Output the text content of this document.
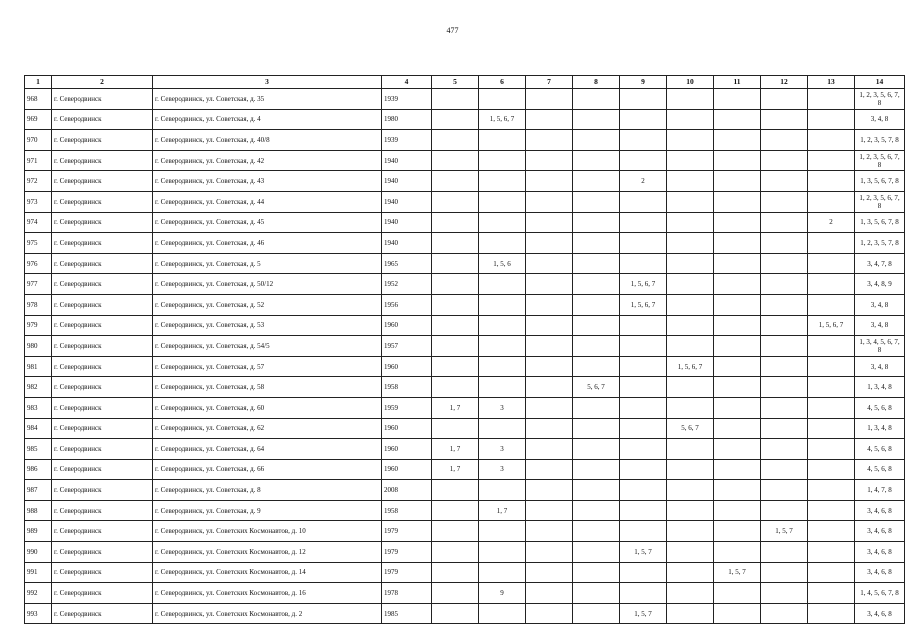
477
1	2	3	4	5	6	7	8	9	10	11	12	13	14
968	г. Северодвинск	г. Северодвинск, ул. Советская, д. 35	1939										1, 2, 3, 5, 6, 7, 8
969	г. Северодвинск	г. Северодвинск, ул. Советская, д. 4	1980		1, 5, 6, 7								3, 4, 8
970	г. Северодвинск	г. Северодвинск, ул. Советская, д. 40/8	1939										1, 2, 3, 5, 7, 8
971	г. Северодвинск	г. Северодвинск, ул. Советская, д. 42	1940										1, 2, 3, 5, 6, 7, 8
972	г. Северодвинск	г. Северодвинск, ул. Советская, д. 43	1940					2					1, 3, 5, 6, 7, 8
973	г. Северодвинск	г. Северодвинск, ул. Советская, д. 44	1940										1, 2, 3, 5, 6, 7, 8
974	г. Северодвинск	г. Северодвинск, ул. Советская, д. 45	1940									2	1, 3, 5, 6, 7, 8
975	г. Северодвинск	г. Северодвинск, ул. Советская, д. 46	1940										1, 2, 3, 5, 7, 8
976	г. Северодвинск	г. Северодвинск, ул. Советская, д. 5	1965		1, 5, 6								3, 4, 7, 8
977	г. Северодвинск	г. Северодвинск, ул. Советская, д. 50/12	1952					1, 5, 6, 7					3, 4, 8, 9
978	г. Северодвинск	г. Северодвинск, ул. Советская, д. 52	1956					1, 5, 6, 7					3, 4, 8
979	г. Северодвинск	г. Северодвинск, ул. Советская, д. 53	1960									1, 5, 6, 7	3, 4, 8
980	г. Северодвинск	г. Северодвинск, ул. Советская, д. 54/5	1957										1, 3, 4, 5, 6, 7, 8
981	г. Северодвинск	г. Северодвинск, ул. Советская, д. 57	1960						1, 5, 6, 7				3, 4, 8
982	г. Северодвинск	г. Северодвинск, ул. Советская, д. 58	1958				5, 6, 7						1, 3, 4, 8
983	г. Северодвинск	г. Северодвинск, ул. Советская, д. 60	1959	1, 7	3								4, 5, 6, 8
984	г. Северодвинск	г. Северодвинск, ул. Советская, д. 62	1960						5, 6, 7				1, 3, 4, 8
985	г. Северодвинск	г. Северодвинск, ул. Советская, д. 64	1960	1, 7	3								4, 5, 6, 8
986	г. Северодвинск	г. Северодвинск, ул. Советская, д. 66	1960	1, 7	3								4, 5, 6, 8
987	г. Северодвинск	г. Северодвинск, ул. Советская, д. 8	2008										1, 4, 7, 8
988	г. Северодвинск	г. Северодвинск, ул. Советская, д. 9	1958		1, 7								3, 4, 6, 8
989	г. Северодвинск	г. Северодвинск, ул. Советских Космонавтов, д. 10	1979								1, 5, 7		3, 4, 6, 8
990	г. Северодвинск	г. Северодвинск, ул. Советских Космонавтов, д. 12	1979					1, 5, 7					3, 4, 6, 8
991	г. Северодвинск	г. Северодвинск, ул. Советских Космонавтов, д. 14	1979							1, 5, 7			3, 4, 6, 8
992	г. Северодвинск	г. Северодвинск, ул. Советских Космонавтов, д. 16	1978		9								1, 4, 5, 6, 7, 8
993	г. Северодвинск	г. Северодвинск, ул. Советских Космонавтов, д. 2	1985					1, 5, 7					3, 4, 6, 8
